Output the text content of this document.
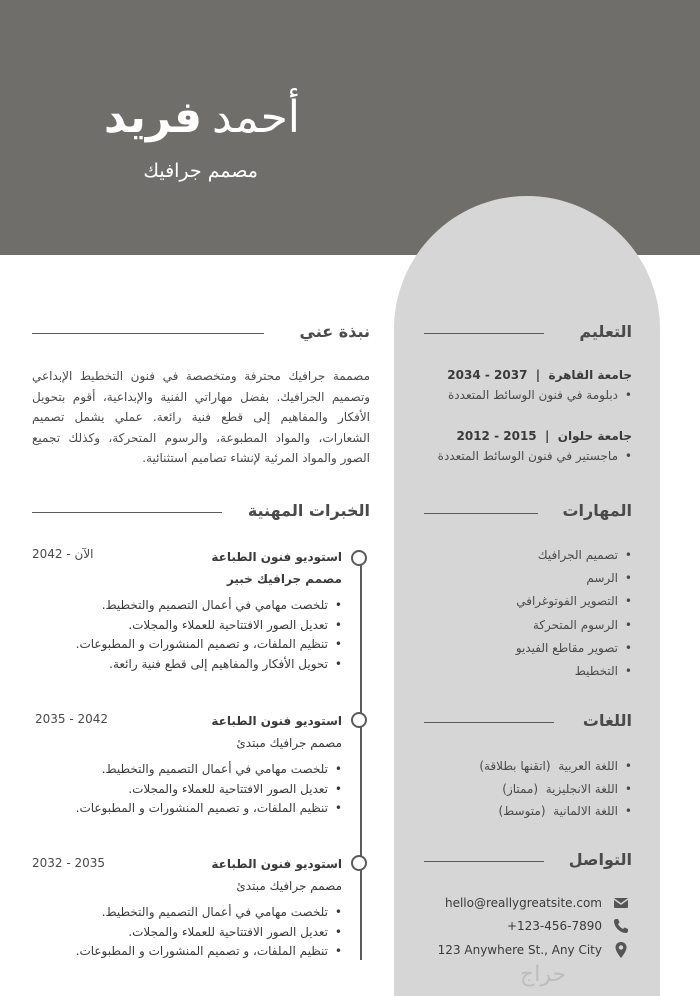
أحمدفريد
مصمم جرافيك
التعليم
جامعة القاهرة  |  2037 - 2034
• دبلومة في فنون الوسائط المتعددة
جامعة حلوان  |  2015 - 2012
• ماجستير في فنون الوسائط المتعددة
المهارات
• تصميم الجرافيك
• الرسم
• التصوير الفوتوغرافي
• الرسوم المتحركة
• تصوير مقاطع الفيديو
• التخطيط
اللغات
• اللغة العربية  (اتقنها بطلاقة)
• اللغة الانجليزية  (ممتاز)
• اللغة الالمانية  (متوسط)
التواصل
hello@reallygreatsite.com
+123-456-7890
123 Anywhere St., Any City
نبذة عني
مصممة جرافيك محترفة ومتخصصة في فنون التخطيط الإبداعي وتصميم الجرافيك. بفضل مهاراتي الفنية والإبداعية، أقوم بتحويل الأفكار والمفاهيم إلى قطع فنية رائعة. عملي يشمل تصميم الشعارات، والمواد المطبوعة، والرسوم المتحركة، وكذلك تجميع الصور والمواد المرئية لإنشاء تصاميم استثنائية.
الخبرات المهنية
2042 - الآن	استوديو فنون الطباعة
مصمم جرافيك خبير
• تلخصت مهامي في أعمال التصميم والتخطيط.
• تعديل الصور الافتتاحية للعملاء والمجلات.
• تنظيم الملفات، و تصميم المنشورات و المطبوعات.
• تحويل الأفكار والمفاهيم إلى قطع فنية رائعة.
2035 - 2042	استوديو فنون الطباعة
مصمم جرافيك مبتدئ
• تلخصت مهامي في أعمال التصميم والتخطيط.
• تعديل الصور الافتتاحية للعملاء والمجلات.
• تنظيم الملفات، و تصميم المنشورات و المطبوعات.
2032 - 2035	استوديو فنون الطباعة
مصمم جرافيك مبتدئ
• تلخصت مهامي في أعمال التصميم والتخطيط.
• تعديل الصور الافتتاحية للعملاء والمجلات.
• تنظيم الملفات، و تصميم المنشورات و المطبوعات.
حراج
